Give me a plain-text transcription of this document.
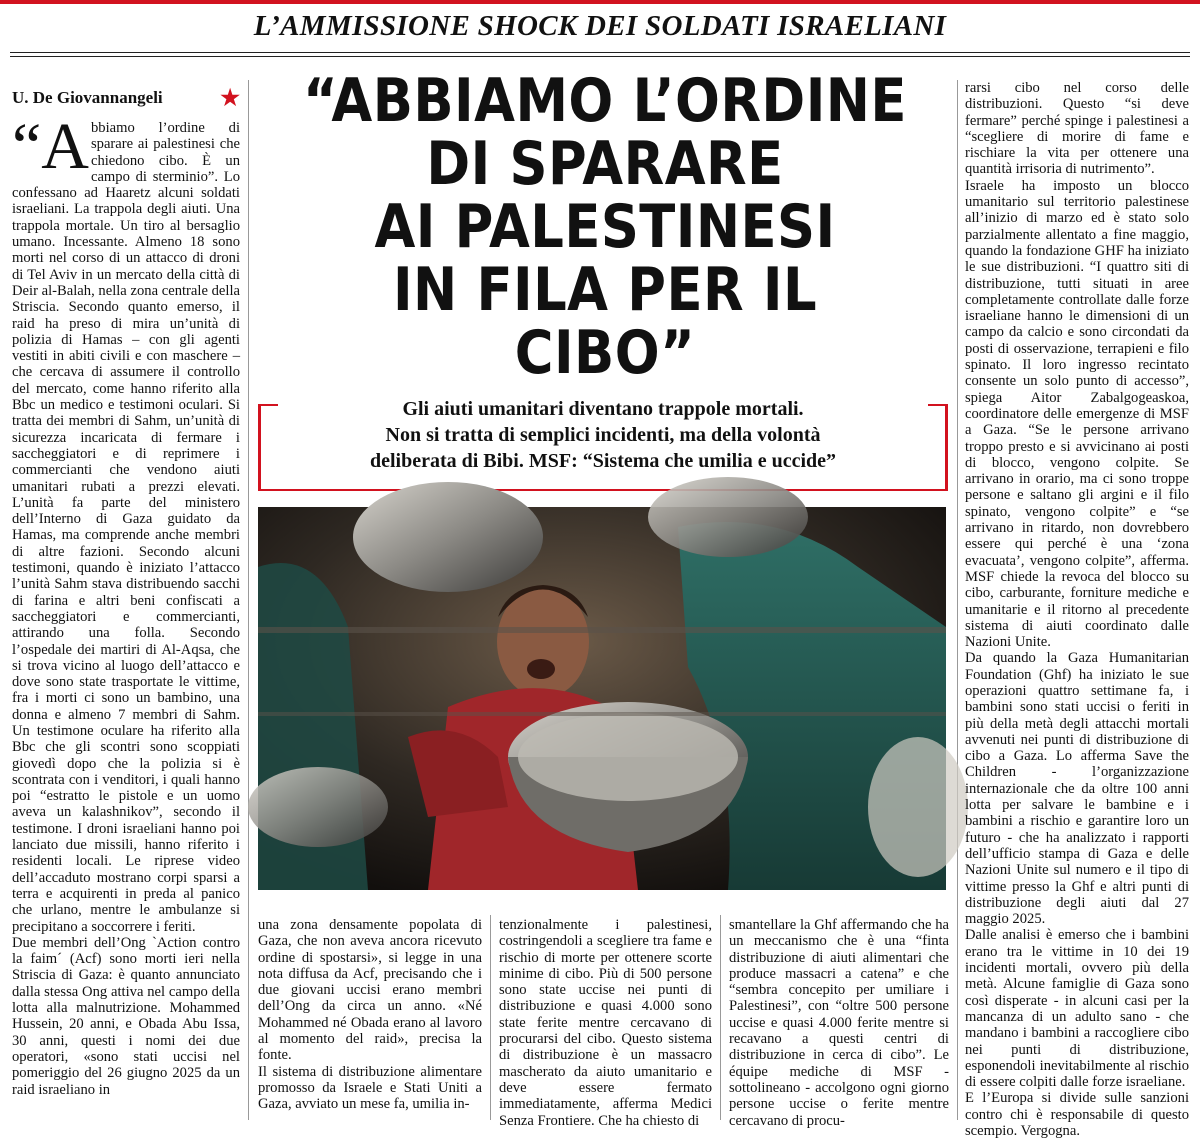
L’AMMISSIONE SHOCK DEI SOLDATI ISRAELIANI
U. De Giovannangeli	★

“A bbiamo l’ordine di sparare ai palestinesi che chiedono cibo. È un campo di sterminio”. Lo confessano ad Haaretz alcuni soldati israeliani. La trappola degli aiuti. Una trappola mortale. Un tiro al bersaglio umano. Incessante. Almeno 18 sono morti nel corso di un attacco di droni di Tel Aviv in un mercato della città di Deir al-Balah, nella zona centrale della Striscia. Secondo quanto emerso, il raid ha preso di mira un’unità di polizia di Hamas – con gli agenti vestiti in abiti civili e con maschere – che cercava di assumere il controllo del mercato, come hanno riferito alla Bbc un medico e testimoni oculari. Si tratta dei membri di Sahm, un’unità di sicurezza incaricata di fermare i saccheggiatori e di reprimere i commercianti che vendono aiuti umanitari rubati a prezzi elevati. L’unità fa parte del ministero dell’Interno di Gaza guidato da Hamas, ma comprende anche membri di altre fazioni. Secondo alcuni testimoni, quando è iniziato l’attacco l’unità Sahm stava distribuendo sacchi di farina e altri beni confiscati a saccheggiatori e commercianti, attirando una folla. Secondo l’ospedale dei martiri di Al-Aqsa, che si trova vicino al luogo dell’attacco e dove sono state trasportate le vittime, fra i morti ci sono un bambino, una donna e almeno 7 membri di Sahm. Un testimone oculare ha riferito alla Bbc che gli scontri sono scoppiati giovedì dopo che la polizia si è scontrata con i venditori, i quali hanno poi “estratto le pistole e un uomo aveva un kalashnikov”, secondo il testimone. I droni israeliani hanno poi lanciato due missili, hanno riferito i residenti locali. Le riprese video dell’accaduto mostrano corpi sparsi a terra e acquirenti in preda al panico che urlano, mentre le ambulanze si precipitano a soccorrere i feriti.

Due membri dell’Ong `Action contro la faim´ (Acf) sono morti ieri nella Striscia di Gaza: è quanto annunciato dalla stessa Ong attiva nel campo della lotta alla malnutrizione. Mohammed Hussein, 20 anni, e Obada Abu Issa, 30 anni, questi i nomi dei due operatori, «sono stati uccisi nel pomeriggio del 26 giugno 2025 da un raid israeliano in

“ABBIAMO L’ORDINE
DI SPARARE
AI PALESTINESI
IN FILA PER IL CIBO”

Gli aiuti umanitari diventano trappole mortali.
Non si tratta di semplici incidenti, ma della volontà
deliberata di Bibi. MSF: “Sistema che umilia e uccide”

una zona densamente popolata di Gaza, che non aveva ancora ricevuto ordine di spostarsi», si legge in una nota diffusa da Acf, precisando che i due giovani uccisi erano membri dell’Ong da circa un anno. «Né Mohammed né Obada erano al lavoro al momento del raid», precisa la fonte.

Il sistema di distribuzione alimentare promosso da Israele e Stati Uniti a Gaza, avviato un mese fa, umilia in-

tenzionalmente i palestinesi, costringendoli a scegliere tra fame e rischio di morte per ottenere scorte minime di cibo. Più di 500 persone sono state uccise nei punti di distribuzione e quasi 4.000 sono state ferite mentre cercavano di procurarsi del cibo. Questo sistema di distribuzione è un massacro mascherato da aiuto umanitario e deve essere fermato immediatamente, afferma Medici Senza Frontiere. Che ha chiesto di

smantellare la Ghf affermando che ha un meccanismo che è una “finta distribuzione di aiuti alimentari che produce massacri a catena” e che “sembra concepito per umiliare i Palestinesi”, con “oltre 500 persone uccise e quasi 4.000 ferite mentre si recavano a questi centri di distribuzione in cerca di cibo”. Le équipe mediche di MSF - sottolineano - accolgono ogni giorno persone uccise o ferite mentre cercavano di procu-

rarsi cibo nel corso delle distribuzioni. Questo “si deve fermare” perché spinge i palestinesi a “scegliere di morire di fame e rischiare la vita per ottenere una quantità irrisoria di nutrimento”.

Israele ha imposto un blocco umanitario sul territorio palestinese all’inizio di marzo ed è stato solo parzialmente allentato a fine maggio, quando la fondazione GHF ha iniziato le sue distribuzioni. “I quattro siti di distribuzione, tutti situati in aree completamente controllate dalle forze israeliane hanno le dimensioni di un campo da calcio e sono circondati da posti di osservazione, terrapieni e filo spinato. Il loro ingresso recintato consente un solo punto di accesso”, spiega Aitor Zabalgogeaskoa, coordinatore delle emergenze di MSF a Gaza. “Se le persone arrivano troppo presto e si avvicinano ai posti di blocco, vengono colpite. Se arrivano in orario, ma ci sono troppe persone e saltano gli argini e il filo spinato, vengono colpite” e “se arrivano in ritardo, non dovrebbero essere qui perché è una ‘zona evacuata’, vengono colpite”, afferma. MSF chiede la revoca del blocco su cibo, carburante, forniture mediche e umanitarie e il ritorno al precedente sistema di aiuti coordinato dalle Nazioni Unite.

Da quando la Gaza Humanitarian Foundation (Ghf) ha iniziato le sue operazioni quattro settimane fa, i bambini sono stati uccisi o feriti in più della metà degli attacchi mortali avvenuti nei punti di distribuzione di cibo a Gaza. Lo afferma Save the Children - l’organizzazione internazionale che da oltre 100 anni lotta per salvare le bambine e i bambini a rischio e garantire loro un futuro - che ha analizzato i rapporti dell’ufficio stampa di Gaza e delle Nazioni Unite sul numero e il tipo di vittime presso la Ghf e altri punti di distribuzione degli aiuti dal 27 maggio 2025.

Dalle analisi è emerso che i bambini erano tra le vittime in 10 dei 19 incidenti mortali, ovvero più della metà. Alcune famiglie di Gaza sono così disperate - in alcuni casi per la mancanza di un adulto sano - che mandano i bambini a raccogliere cibo nei punti di distribuzione, esponendoli inevitabilmente al rischio di essere colpiti dalle forze israeliane.

E l’Europa si divide sulle sanzioni contro chi è responsabile di questo scempio. Vergogna.
